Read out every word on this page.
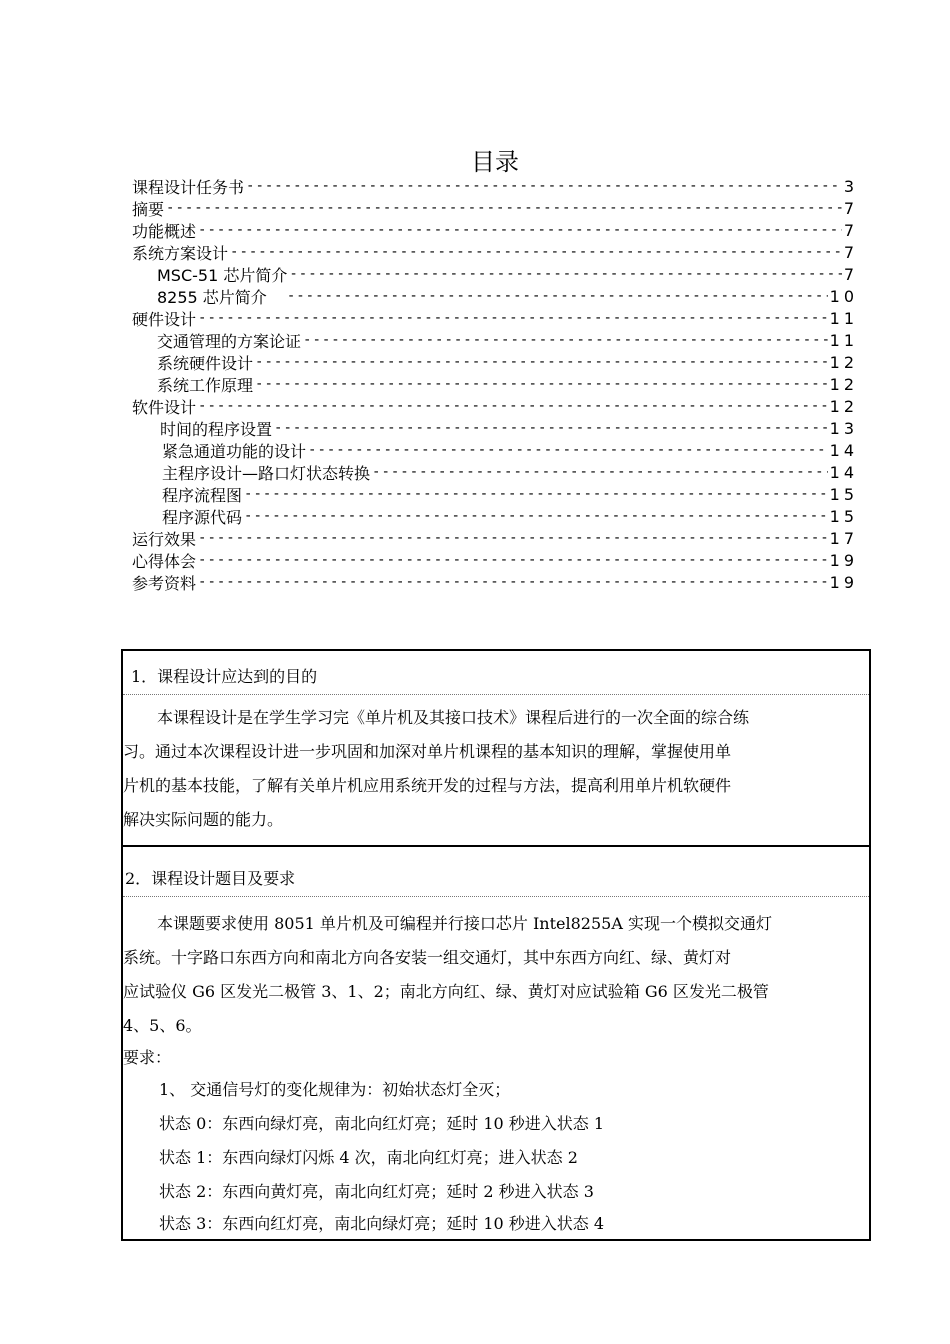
目录
课程设计任务书 -----	3
摘要 -----	7
功能概述 -----	7
系统方案设计 -----	7
MSC-51 芯片简介 -----	7
8255 芯片简介 -----	10
硬件设计 -----	11
交通管理的方案论证 -----	11
系统硬件设计 -----	12
系统工作原理 -----	12
软件设计 -----	12
时间的程序设置 -----	13
紧急通道功能的设计 -----	14
主程序设计—路口灯状态转换 -----	14
程序流程图 -----	15
程序源代码 -----	15
运行效果 -----	17
心得体会 -----	19
参考资料 -----	19
1．课程设计应达到的目的
本课程设计是在学生学习完《单片机及其接口技术》课程后进行的一次全面的综合练
习。通过本次课程设计进一步巩固和加深对单片机课程的基本知识的理解，掌握使用单
片机的基本技能，了解有关单片机应用系统开发的过程与方法，提高利用单片机软硬件
解决实际问题的能力。
2．课程设计题目及要求
本课题要求使用 8051 单片机及可编程并行接口芯片 Intel8255A 实现一个模拟交通灯
系统。十字路口东西方向和南北方向各安装一组交通灯，其中东西方向红、绿、黄灯对
应试验仪 G6 区发光二极管 3、1、2；南北方向红、绿、黄灯对应试验箱 G6 区发光二极管
4、5、6。
要求：
1、 交通信号灯的变化规律为：初始状态灯全灭；
状态 0：东西向绿灯亮，南北向红灯亮；延时 10 秒进入状态 1
状态 1：东西向绿灯闪烁 4 次，南北向红灯亮；进入状态 2
状态 2：东西向黄灯亮，南北向红灯亮；延时 2 秒进入状态 3
状态 3：东西向红灯亮，南北向绿灯亮；延时 10 秒进入状态 4
